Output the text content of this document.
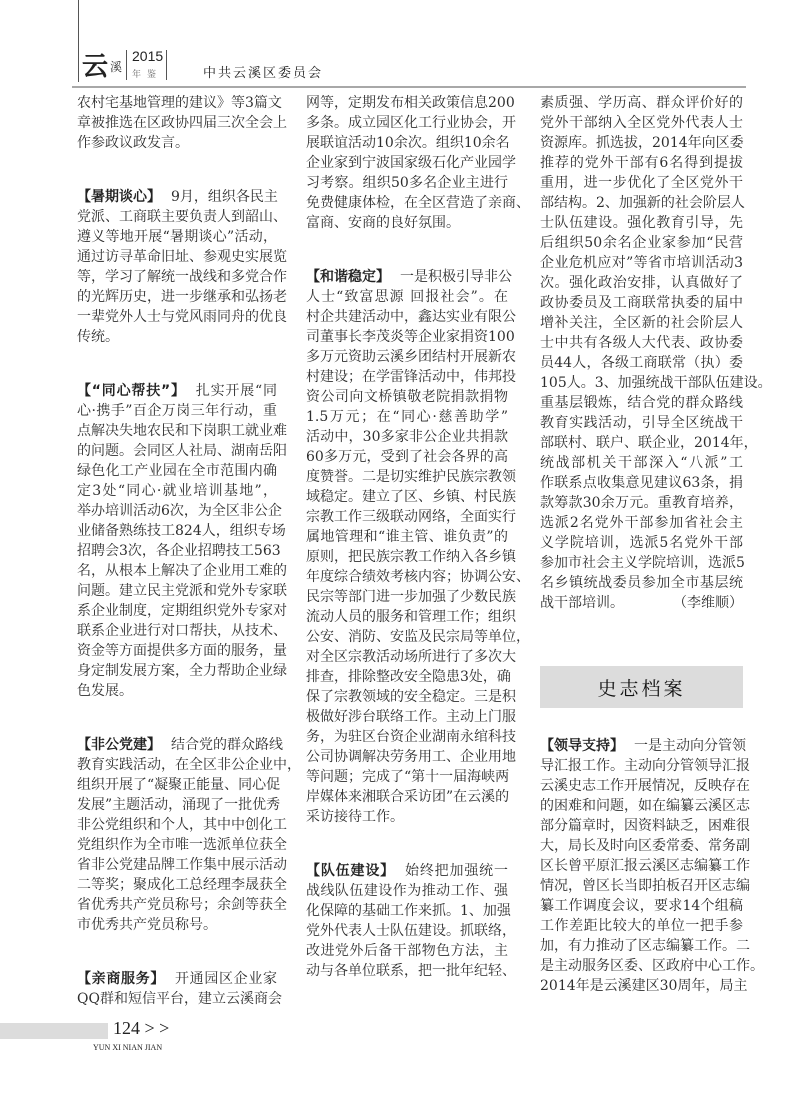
云 溪
2015
年鉴	中共云溪区委员会
农村宅基地管理的建议》等3篇文
章被推选在区政协四届三次全会上
作参政议政发言。
【暑期谈心】 9月，组织各民主
党派、工商联主要负责人到韶山、
遵义等地开展“暑期谈心”活动，
通过访寻革命旧址、参观史实展览
等，学习了解统一战线和多党合作
的光辉历史，进一步继承和弘扬老
一辈党外人士与党风雨同舟的优良
传统。
【“同心帮扶”】 扎实开展“同
心·携手”百企万岗三年行动，重
点解决失地农民和下岗职工就业难
的问题。会同区人社局、湖南岳阳
绿色化工产业园在全市范围内确
定3处“同心·就业培训基地”，
举办培训活动6次，为全区非公企
业储备熟练技工824人，组织专场
招聘会3次，各企业招聘技工563
名，从根本上解决了企业用工难的
问题。建立民主党派和党外专家联
系企业制度，定期组织党外专家对
联系企业进行对口帮扶，从技术、
资金等方面提供多方面的服务，量
身定制发展方案，全力帮助企业绿
色发展。
【非公党建】 结合党的群众路线
教育实践活动，在全区非公企业中，
组织开展了“凝聚正能量、同心促
发展”主题活动，涌现了一批优秀
非公党组织和个人，其中中创化工
党组织作为全市唯一选派单位获全
省非公党建品牌工作集中展示活动
二等奖；聚成化工总经理李晟获全
省优秀共产党员称号；余剑等获全
市优秀共产党员称号。
【亲商服务】 开通园区企业家
QQ群和短信平台，建立云溪商会
网等，定期发布相关政策信息200
多条。成立园区化工行业协会，开
展联谊活动10余次。组织10余名
企业家到宁波国家级石化产业园学
习考察。组织50多名企业主进行
免费健康体检，在全区营造了亲商、
富商、安商的良好氛围。
【和谐稳定】 一是积极引导非公
人士“致富思源 回报社会”。在
村企共建活动中，鑫达实业有限公
司董事长李茂炎等企业家捐资100
多万元资助云溪乡团结村开展新农
村建设；在学雷锋活动中，伟邦投
资公司向文桥镇敬老院捐款捐物
1.5万元；在“同心·慈善助学”
活动中，30多家非公企业共捐款
60多万元，受到了社会各界的高
度赞誉。二是切实维护民族宗教领
域稳定。建立了区、乡镇、村民族
宗教工作三级联动网络，全面实行
属地管理和“谁主管、谁负责”的
原则，把民族宗教工作纳入各乡镇
年度综合绩效考核内容；协调公安、
民宗等部门进一步加强了少数民族
流动人员的服务和管理工作；组织
公安、消防、安监及民宗局等单位，
对全区宗教活动场所进行了多次大
排查，排除整改安全隐患3处，确
保了宗教领域的安全稳定。三是积
极做好涉台联络工作。主动上门服
务，为驻区台资企业湖南永绾科技
公司协调解决劳务用工、企业用地
等问题；完成了“第十一届海峡两
岸媒体来湘联合采访团”在云溪的
采访接待工作。
【队伍建设】 始终把加强统一
战线队伍建设作为推动工作、强
化保障的基础工作来抓。1、加强
党外代表人士队伍建设。抓联络，
改进党外后备干部物色方法，主
动与各单位联系，把一批年纪轻、
素质强、学历高、群众评价好的
党外干部纳入全区党外代表人士
资源库。抓选拔，2014年向区委
推荐的党外干部有6名得到提拔
重用，进一步优化了全区党外干
部结构。2、加强新的社会阶层人
士队伍建设。强化教育引导，先
后组织50余名企业家参加“民营
企业危机应对”等省市培训活动3
次。强化政治安排，认真做好了
政协委员及工商联常执委的届中
增补关注，全区新的社会阶层人
士中共有各级人大代表、政协委
员44人，各级工商联常（执）委
105人。3、加强统战干部队伍建设。
重基层锻炼，结合党的群众路线
教育实践活动，引导全区统战干
部联村、联户、联企业，2014年，
统战部机关干部深入“八派”工
作联系点收集意见建议63条，捐
款筹款30余万元。重教育培养，
选派2名党外干部参加省社会主
义学院培训，选派5名党外干部
参加市社会主义学院培训，选派5
名乡镇统战委员参加全市基层统
战干部培训。	（李维顺）
史志档案
【领导支持】 一是主动向分管领
导汇报工作。主动向分管领导汇报
云溪史志工作开展情况，反映存在
的困难和问题，如在编纂云溪区志
部分篇章时，因资料缺乏，困难很
大，局长及时向区委常委、常务副
区长曾平原汇报云溪区志编纂工作
情况，曾区长当即拍板召开区志编
纂工作调度会议，要求14个组稿
工作差距比较大的单位一把手参
加，有力推动了区志编纂工作。二
是主动服务区委、区政府中心工作。
2014年是云溪建区30周年，局主
124 > >
YUN XI NIAN JIAN
